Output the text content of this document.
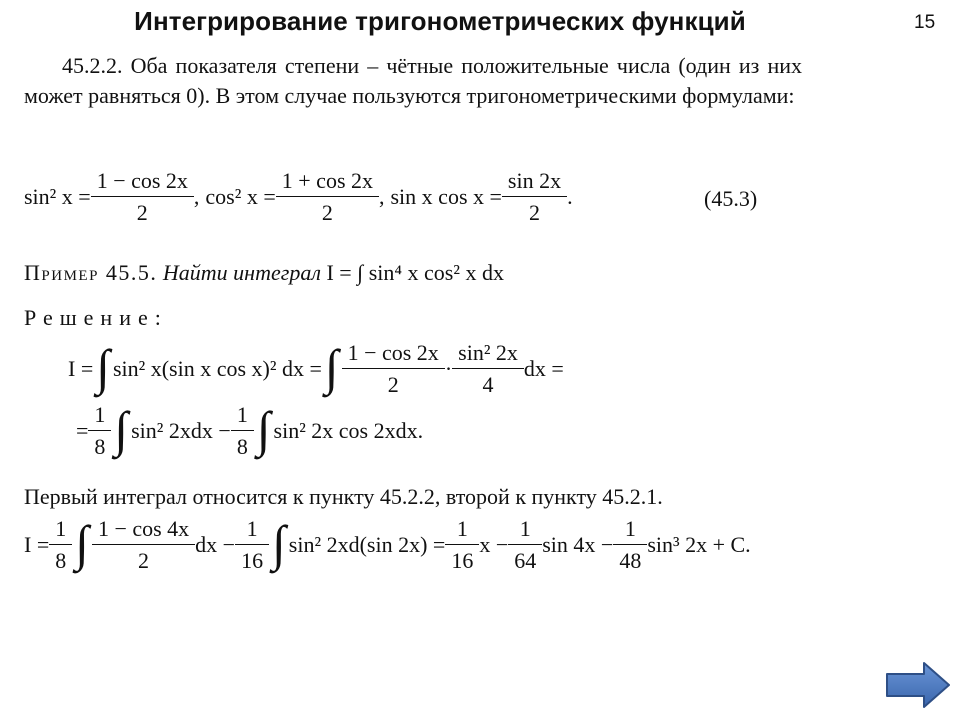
Интегрирование тригонометрических функций	15
45.2.2. Оба показателя степени – чётные положительные числа (один из них может равняться 0). В этом случае пользуются тригонометрическими формулами:
sin² $x = \frac{1 - \cos 2x}{2}$ , cos² $x = \frac{1 + \cos 2x}{2}$ , sin x $\cos x = \frac{\sin 2x}{2}$ .	(45.3)
Пример 45.5. Найти интеграл I = ∫ sin⁴ x cos² x dx
Решение:
I = ∫ sin² x(sin x cos x)² dx = ∫ $\frac{1 - \cos 2x}{2} \cdot \frac{\text{sin² 2x}}{4}$ dx =
= $\frac{1}{8}$ ∫ sin² $2xdx - \frac{1}{8}$ ∫ sin² 2x cos 2xdx.
Первый интеграл относится к пункту 45.2.2, второй к пункту 45.2.1.
$I = \frac{1}{8}$ ∫ $\frac{1 - \cos 4x}{2}$ dx − $\frac{1}{16}$ ∫ sin² 2xd(sin $2x) = \frac{1}{16}$ $x - \frac{1}{64}$ $\sin 4x - \frac{1}{48} \sin^3$ 2x + C.
